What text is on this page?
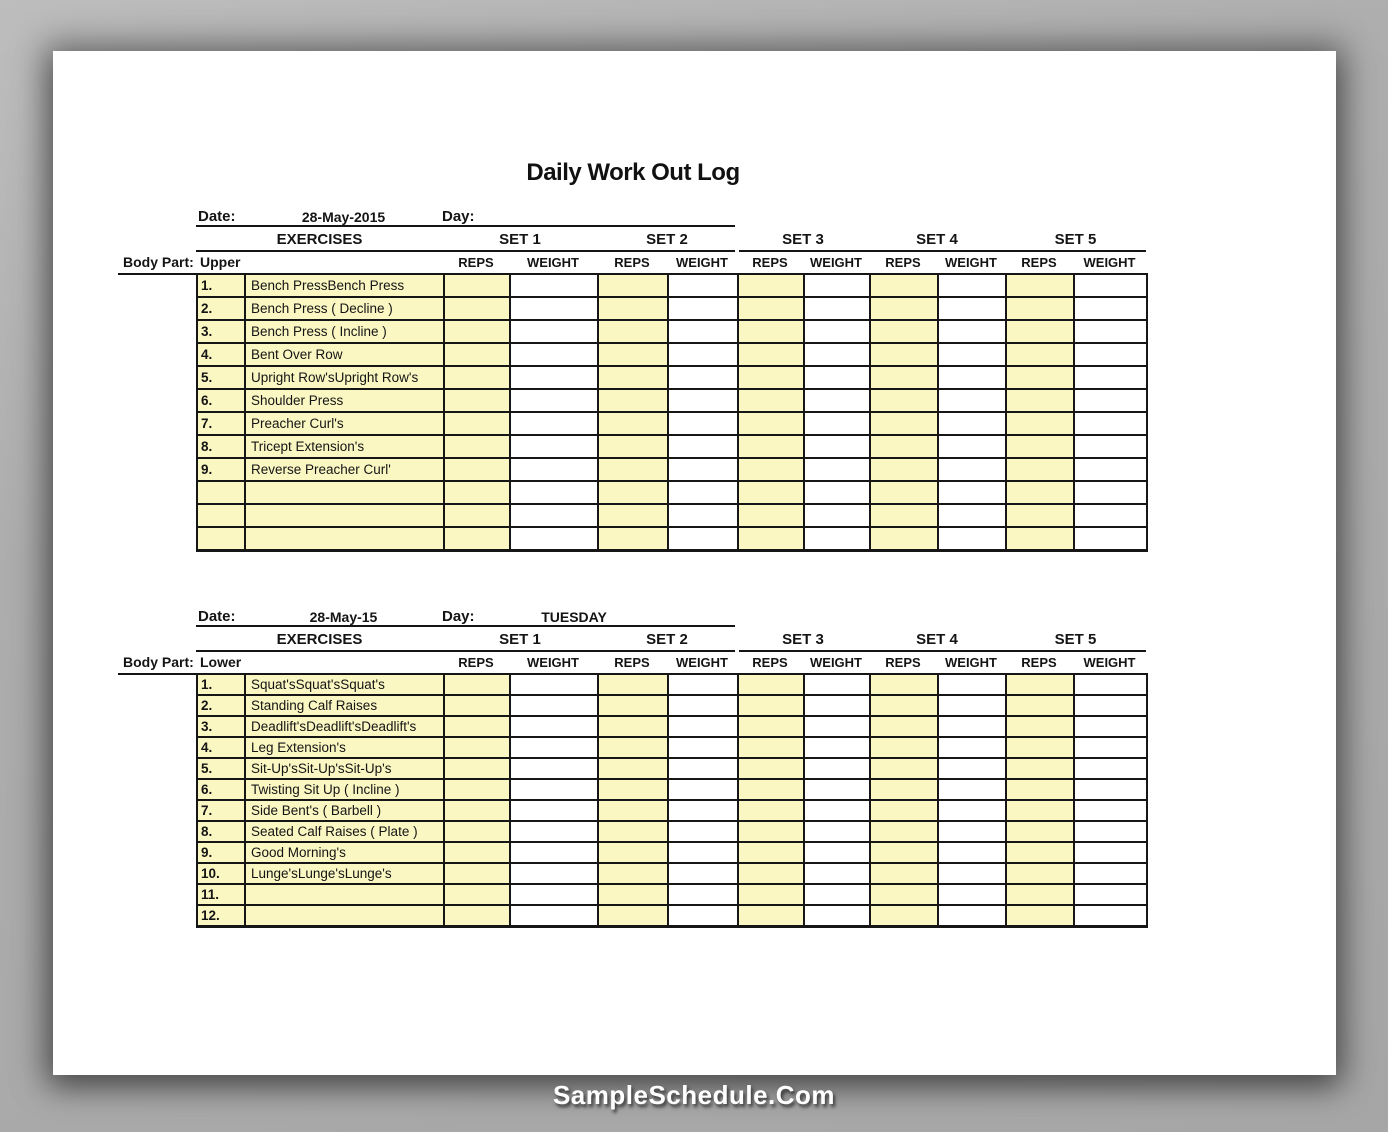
Daily Work Out Log
Date:	28-May-2015	Day:
EXERCISES	SET 1	SET 2	SET 3	SET 4	SET 5
Body Part: Upper	REPS	WEIGHT	REPS	WEIGHT	REPS	WEIGHT	REPS	WEIGHT	REPS	WEIGHT
1.	Bench PressBench Press										
2.	Bench Press ( Decline )										
3.	Bench Press ( Incline )										
4.	Bent Over Row										
5.	Upright Row'sUpright Row's										
6.	Shoulder Press										
7.	Preacher Curl's										
8.	Tricept Extension's										
9.	Reverse Preacher Curl'										

Date:	28-May-15	Day:	TUESDAY
EXERCISES	SET 1	SET 2	SET 3	SET 4	SET 5
Body Part: Lower	REPS	WEIGHT	REPS	WEIGHT	REPS	WEIGHT	REPS	WEIGHT	REPS	WEIGHT
1.	Squat'sSquat'sSquat's										
2.	Standing Calf Raises										
3.	Deadlift'sDeadlift'sDeadlift's										
4.	Leg Extension's										
5.	Sit-Up'sSit-Up'sSit-Up's										
6.	Twisting Sit Up ( Incline )										
7.	Side Bent's ( Barbell )										
8.	Seated Calf Raises ( Plate )										
9.	Good Morning's										
10.	Lunge'sLunge'sLunge's										
11.											
12.											
SampleSchedule.Com
